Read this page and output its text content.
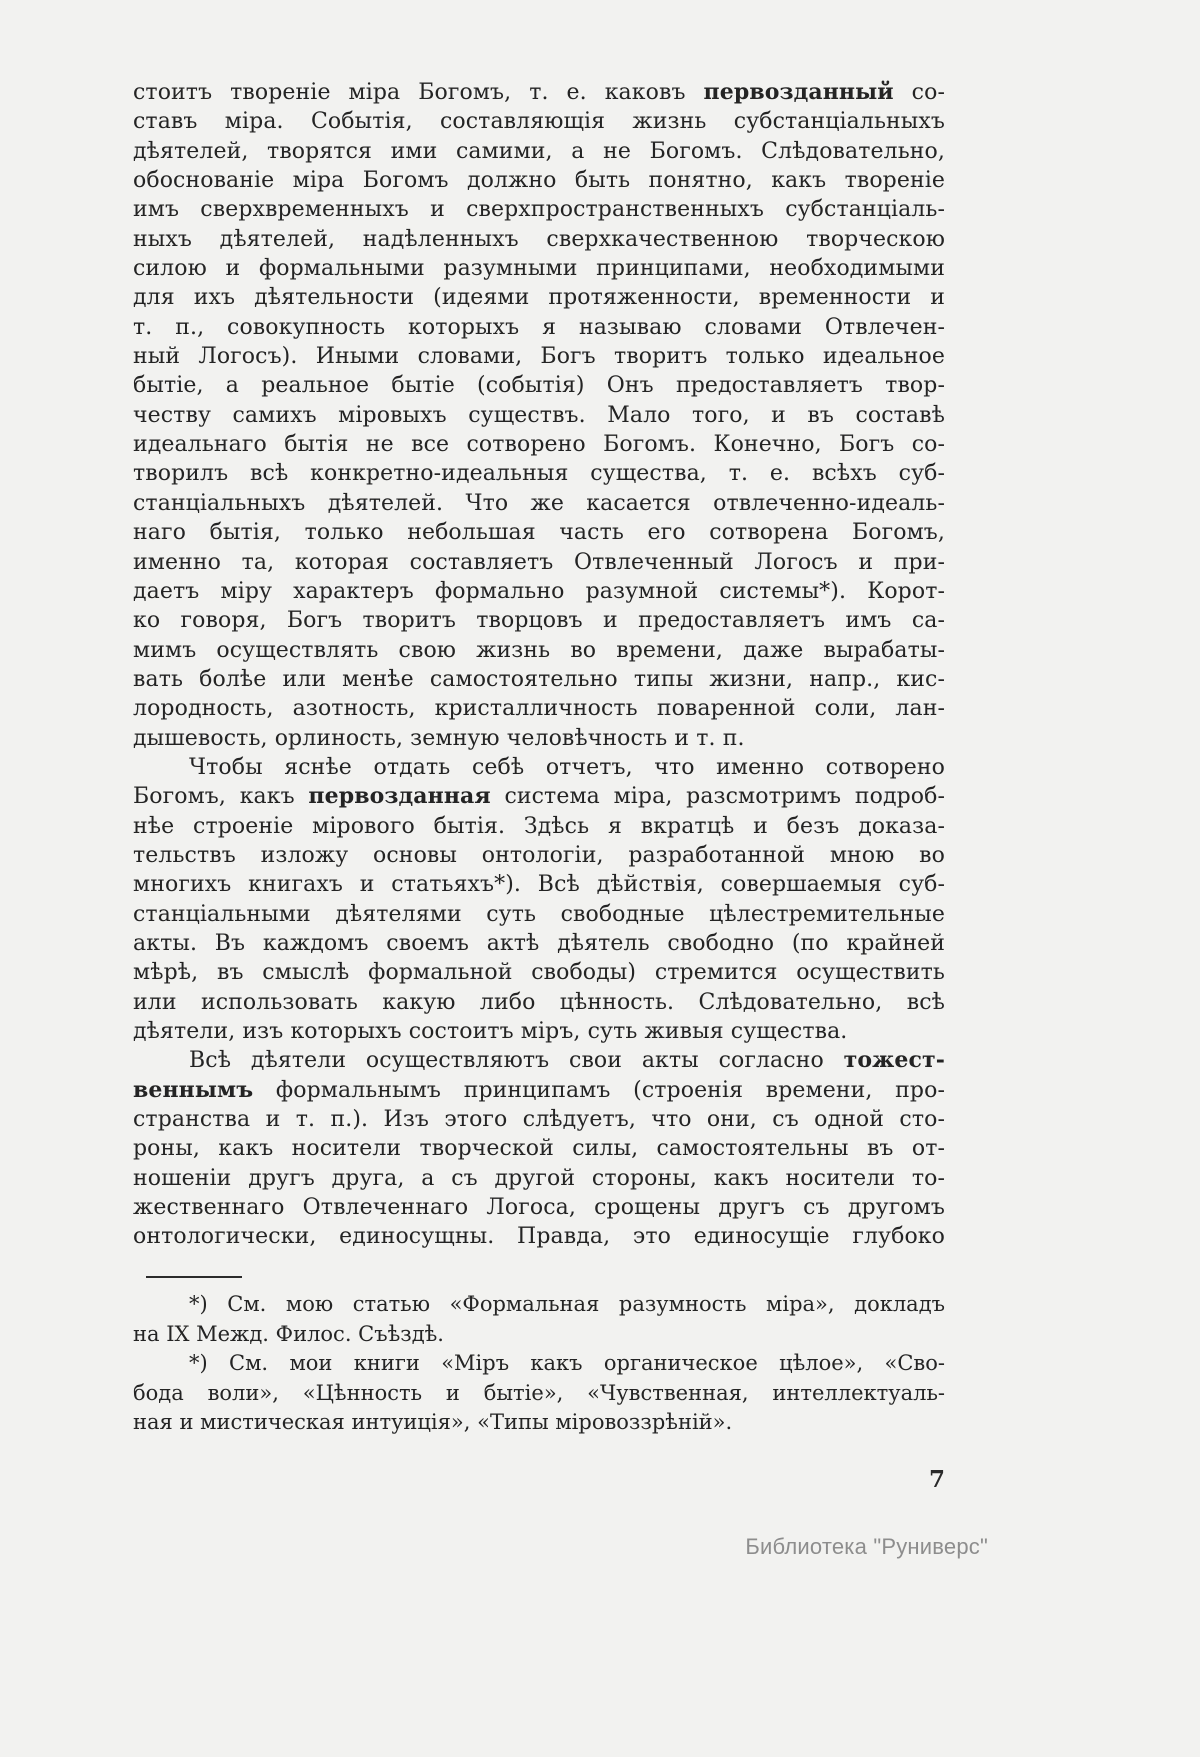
стоитъ твореніе міра Богомъ, т. е. каковъ первозданный со-
ставъ міра. Событія, составляющія жизнь субстанціальныхъ
дѣятелей, творятся ими самими, а не Богомъ. Слѣдовательно,
обоснованіе міра Богомъ должно быть понятно, какъ твореніе
имъ сверхвременныхъ и сверхпространственныхъ субстанціаль-
ныхъ дѣятелей, надѣленныхъ сверхкачественною творческою
силою и формальными разумными принципами, необходимыми
для ихъ дѣятельности (идеями протяженности, временности и
т. п., совокупность которыхъ я называю словами Отвлечен-
ный Логосъ). Иными словами, Богъ творитъ только идеальное
бытіе, а реальное бытіе (событія) Онъ предоставляетъ твор-
честву самихъ міровыхъ существъ. Мало того, и въ составѣ
идеальнаго бытія не все сотворено Богомъ. Конечно, Богъ со-
творилъ всѣ конкретно-идеальныя существа, т. е. всѣхъ суб-
станціальныхъ дѣятелей. Что же касается отвлеченно-идеаль-
наго бытія, только небольшая часть его сотворена Богомъ,
именно та, которая составляетъ Отвлеченный Логосъ и при-
даетъ міру характеръ формально разумной системы*). Корот-
ко говоря, Богъ творитъ творцовъ и предоставляетъ имъ са-
мимъ осуществлять свою жизнь во времени, даже вырабаты-
вать болѣе или менѣе самостоятельно типы жизни, напр., кис-
лородность, азотность, кристалличность поваренной соли, лан-
дышевость, орлиность, земную человѣчность и т. п.
Чтобы яснѣе отдать себѣ отчетъ, что именно сотворено
Богомъ, какъ первозданная система міра, разсмотримъ подроб-
нѣе строеніе мірового бытія. Здѣсь я вкратцѣ и безъ доказа-
тельствъ изложу основы онтологіи, разработанной мною во
многихъ книгахъ и статьяхъ*). Всѣ дѣйствія, совершаемыя суб-
станціальными дѣятелями суть свободные цѣлестремительные
акты. Въ каждомъ своемъ актѣ дѣятель свободно (по крайней
мѣрѣ, въ смыслѣ формальной свободы) стремится осуществить
или использовать какую либо цѣнность. Слѣдовательно, всѣ
дѣятели, изъ которыхъ состоитъ міръ, суть живыя существа.
Всѣ дѣятели осуществляютъ свои акты согласно тожест-
веннымъ формальнымъ принципамъ (строенія времени, про-
странства и т. п.). Изъ этого слѣдуетъ, что они, съ одной сто-
роны, какъ носители творческой силы, самостоятельны въ от-
ношеніи другъ друга, а съ другой стороны, какъ носители то-
жественнаго Отвлеченнаго Логоса, срощены другъ съ другомъ
онтологически, единосущны. Правда, это единосущіе глубоко
*) См. мою статью «Формальная разумность міра», докладъ
на IX Межд. Филос. Съѣздѣ.
*) См. мои книги «Міръ какъ органическое цѣлое», «Сво-
бода воли», «Цѣнность и бытіе», «Чувственная, интеллектуаль-
ная и мистическая интуиція», «Типы міровоззрѣній».
7
Библиотека "Руниверс"
